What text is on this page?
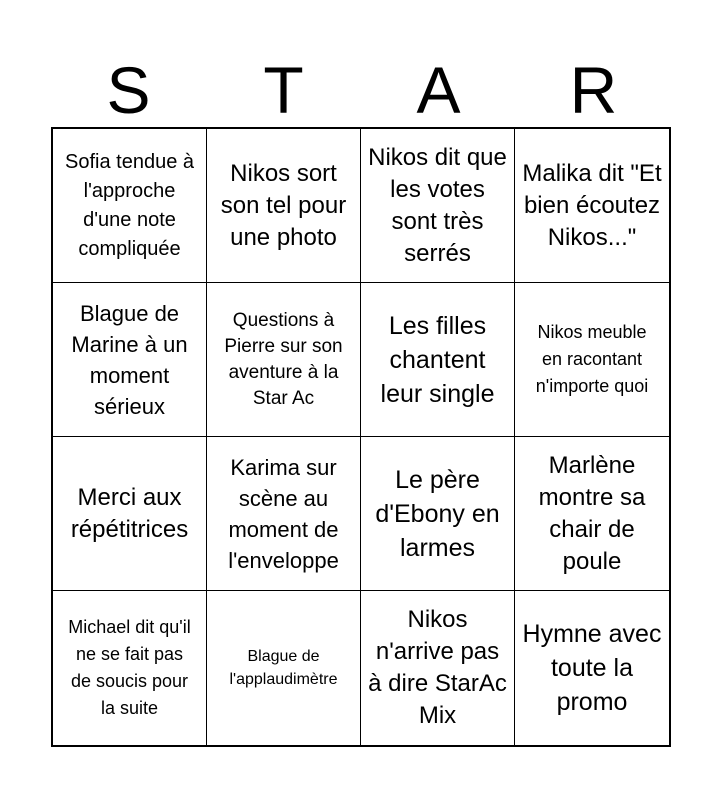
S	T	A	R
Sofia tendue à l'approche d'une note compliquée
Nikos sort son tel pour une photo
Nikos dit que les votes sont très serrés
Malika dit "Et bien écoutez Nikos..."
Blague de Marine à un moment sérieux
Questions à Pierre sur son aventure à la Star Ac
Les filles chantent leur single
Nikos meuble en racontant n'importe quoi
Merci aux répétitrices
Karima sur scène au moment de l'enveloppe
Le père d'Ebony en larmes
Marlène montre sa chair de poule
Michael dit qu'il ne se fait pas de soucis pour la suite
Blague de l'applaudimètre
Nikos n'arrive pas à dire StarAc Mix
Hymne avec toute la promo
